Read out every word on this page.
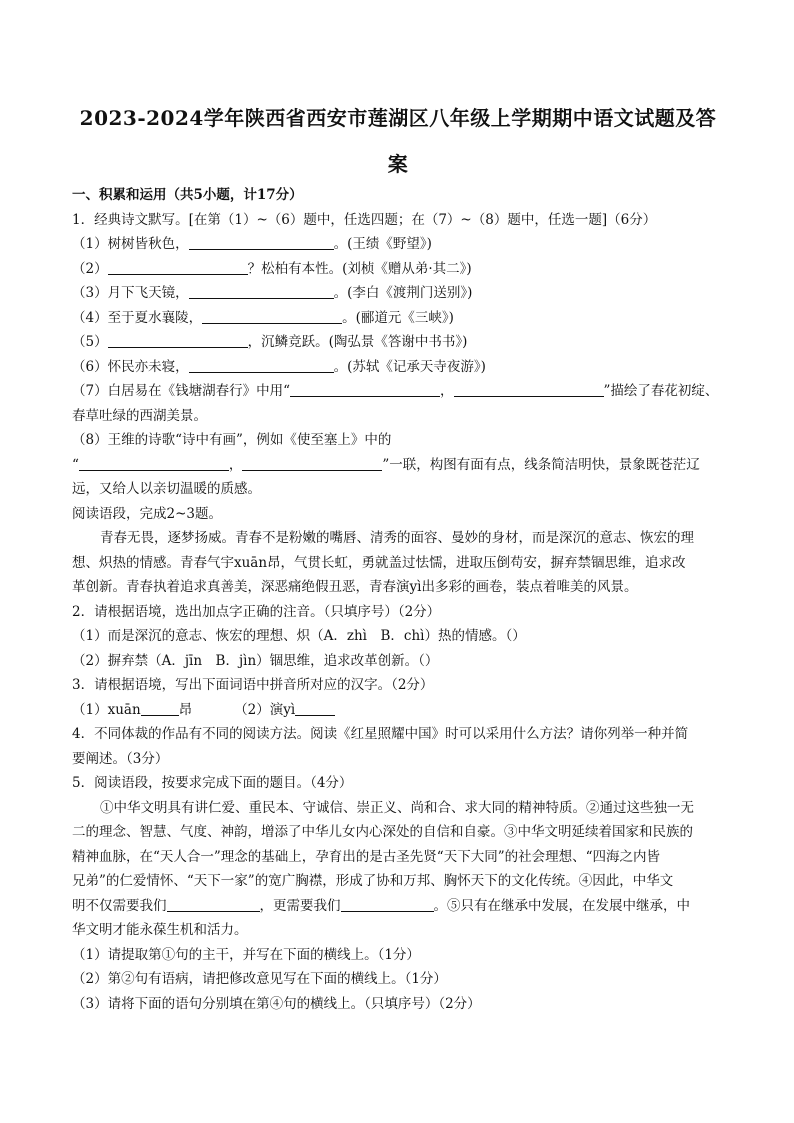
2023-2024学年陕西省西安市莲湖区八年级上学期期中语文试题及答
案
一、积累和运用（共5小题，计17分）
1．经典诗文默写。[在第（1）~（6）题中，任选四题；在（7）~（8）题中，任选一题]（6分）
（1）树树皆秋色，	。(王绩《野望》)
（2）	？松柏有本性。(刘桢《赠从弟·其二》)
（3）月下飞天镜，	。(李白《渡荆门送别》)
（4）至于夏水襄陵，	。(郦道元《三峡》)
（5）	，沉鳞竞跃。(陶弘景《答谢中书书》)
（6）怀民亦未寝，	。(苏轼《记承天寺夜游》)
（7）白居易在《钱塘湖春行》中用“	，	”描绘了春花初绽、
春草吐绿的西湖美景。
（8）王维的诗歌“诗中有画”，例如《使至塞上》中的
“	，	”一联，构图有面有点，线条简洁明快，景象既苍茫辽
远，又给人以亲切温暖的质感。
阅读语段，完成2~3题。
青春无畏，逐梦扬威。青春不是粉嫩的嘴唇、清秀的面容、曼妙的身材，而是深沉的意志、恢宏的理
想、炽热的情感。青春气宇xuān昂，气贯长虹，勇就盖过怯懦，进取压倒苟安，摒弃禁锢思维，追求改
革创新。青春执着追求真善美，深恶痛绝假丑恶，青春演yì出多彩的画卷，装点着唯美的风景。
2．请根据语境，选出加点字正确的注音。（只填序号）（2分）
（1）而是深沉的意志、恢宏的理想、炽（A．zhì　B．chì）热的情感。（）
（2）摒弃禁（A．jīn　B．jìn）锢思维，追求改革创新。（）
3．请根据语境，写出下面词语中拼音所对应的汉字。（2分）
（1）xuān	昂	（2）演yì
4．不同体裁的作品有不同的阅读方法。阅读《红星照耀中国》时可以采用什么方法？请你列举一种并简
要阐述。（3分）
5．阅读语段，按要求完成下面的题目。（4分）
①中华文明具有讲仁爱、重民本、守诚信、崇正义、尚和合、求大同的精神特质。②通过这些独一无
二的理念、智慧、气度、神韵，增添了中华儿女内心深处的自信和自豪。③中华文明延续着国家和民族的
精神血脉，在“天人合一”理念的基础上，孕育出的是古圣先贤“天下大同”的社会理想、“四海之内皆
兄弟”的仁爱情怀、“天下一家”的宽广胸襟，形成了协和万邦、胸怀天下的文化传统。④因此，中华文
明不仅需要我们	，更需要我们	。⑤只有在继承中发展，在发展中继承，中
华文明才能永葆生机和活力。
（1）请提取第①句的主干，并写在下面的横线上。（1分）
（2）第②句有语病，请把修改意见写在下面的横线上。（1分）
（3）请将下面的语句分别填在第④句的横线上。（只填序号）（2分）
